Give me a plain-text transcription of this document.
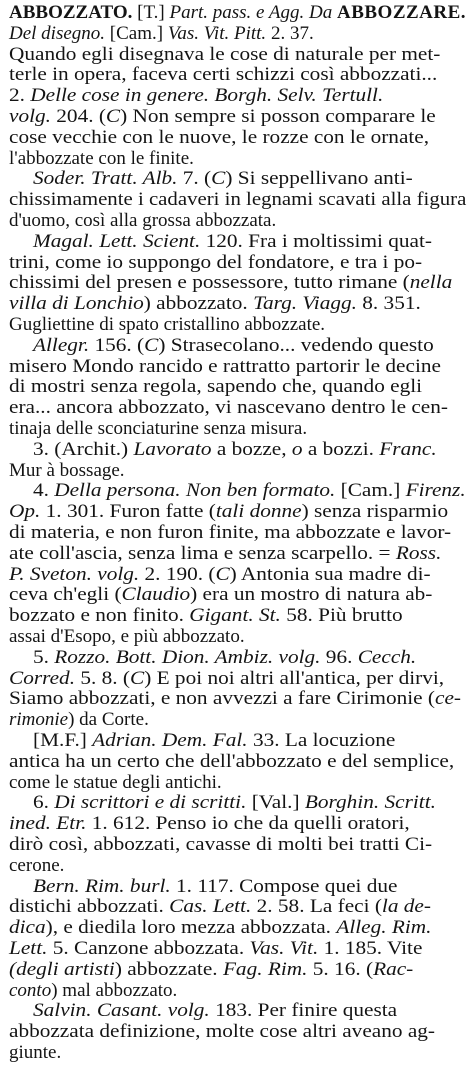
ABBOZZATO. [T.] Part. pass. e Agg. Da ABBOZZARE.
Del disegno. [Cam.] Vas. Vit. Pitt. 2. 37.
Quando egli disegnava le cose di naturale per met-
terle in opera, faceva certi schizzi così abbozzati...
2. Delle cose in genere. Borgh. Selv. Tertull.
volg. 204. (C) Non sempre si posson comparare le
cose vecchie con le nuove, le rozze con le ornate,
l'abbozzate con le finite.
Soder. Tratt. Alb. 7. (C) Si seppellivano anti-
chissimamente i cadaveri in legnami scavati alla figura
d'uomo, così alla grossa abbozzata.
Magal. Lett. Scient. 120. Fra i moltissimi quat-
trini, come io suppongo del fondatore, e tra i po-
chissimi del presen e possessore, tutto rimane (nella
villa di Lonchio) abbozzato. Targ. Viagg. 8. 351.
Gugliettine di spato cristallino abbozzate.
Allegr. 156. (C) Strasecolano... vedendo questo
misero Mondo rancido e rattratto partorir le decine
di mostri senza regola, sapendo che, quando egli
era... ancora abbozzato, vi nascevano dentro le cen-
tinaja delle sconciaturine senza misura.
3. (Archit.) Lavorato a bozze, o a bozzi. Franc.
Mur à bossage.
4. Della persona. Non ben formato. [Cam.] Firenz.
Op. 1. 301. Furon fatte (tali donne) senza risparmio
di materia, e non furon finite, ma abbozzate e lavor-
ate coll'ascia, senza lima e senza scarpello. = Ross.
P. Sveton. volg. 2. 190. (C) Antonia sua madre di-
ceva ch'egli (Claudio) era un mostro di natura ab-
bozzato e non finito. Gigant. St. 58. Più brutto
assai d'Esopo, e più abbozzato.
5. Rozzo. Bott. Dion. Ambiz. volg. 96. Cecch.
Corred. 5. 8. (C) E poi noi altri all'antica, per dirvi,
Siamo abbozzati, e non avvezzi a fare Cirimonie (ce-
rimonie) da Corte.
[M.F.] Adrian. Dem. Fal. 33. La locuzione
antica ha un certo che dell'abbozzato e del semplice,
come le statue degli antichi.
6. Di scrittori e di scritti. [Val.] Borghin. Scritt.
ined. Etr. 1. 612. Penso io che da quelli oratori,
dirò così, abbozzati, cavasse di molti bei tratti Ci-
cerone.
Bern. Rim. burl. 1. 117. Compose quei due
distichi abbozzati. Cas. Lett. 2. 58. La feci (la de-
dica), e diedila loro mezza abbozzata. Alleg. Rim.
Lett. 5. Canzone abbozzata. Vas. Vit. 1. 185. Vite
(degli artisti) abbozzate. Fag. Rim. 5. 16. (Rac-
conto) mal abbozzato.
Salvin. Casant. volg. 183. Per finire questa
abbozzata definizione, molte cose altri aveano ag-
giunte.
